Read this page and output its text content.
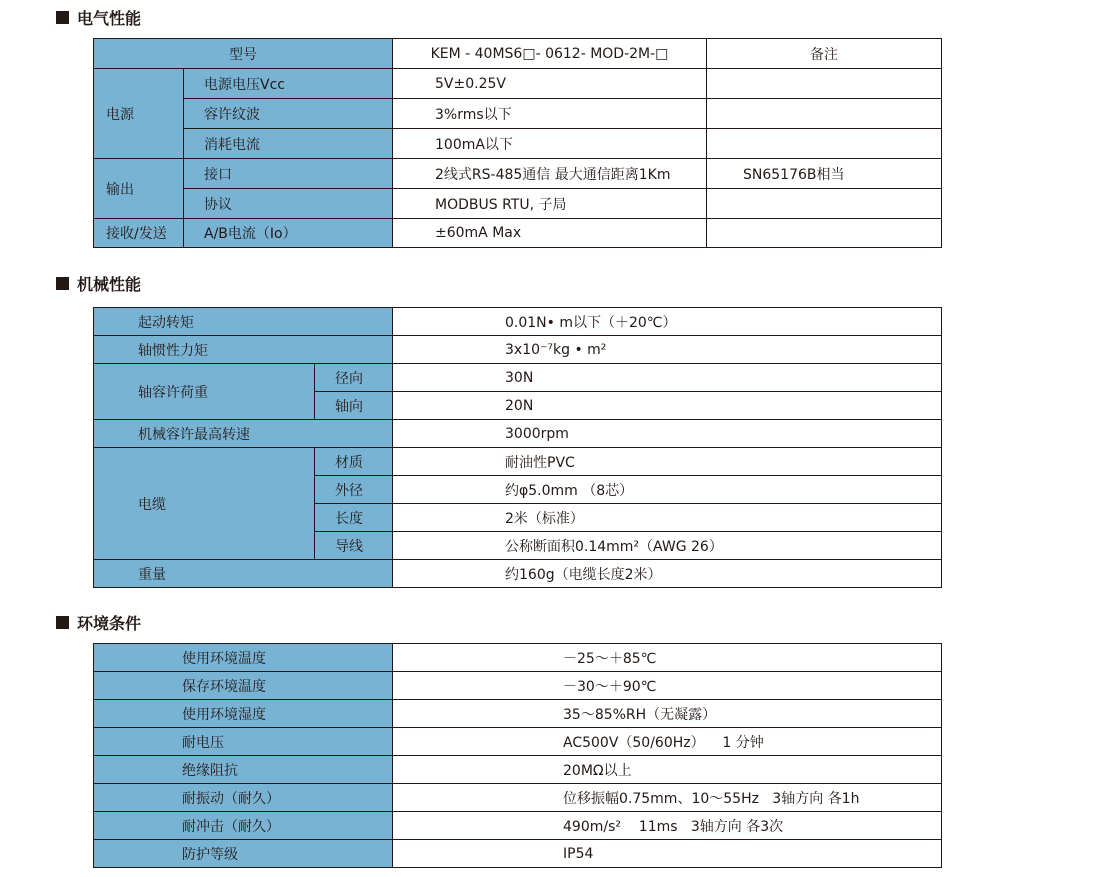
电气性能
型号		KEM - 40MS6□- 0612- MOD-2M-□	备注
电源	电源电压Vcc	5V±0.25V	
	容许纹波	3%rms以下	
	消耗电流	100mA以下	
输出	接口	2线式RS-485通信 最大通信距离1Km	SN65176B相当
	协议	MODBUS RTU, 子局	
接收/发送	A/B电流（Io）	±60mA Max	
机械性能
起动转矩		0.01N• m以下（＋20℃）
轴惯性力矩		3x10⁻⁷kg • m²
轴容许荷重	径向	30N
	轴向	20N
机械容许最高转速		3000rpm
电缆	材质	耐油性PVC
	外径	约φ5.0mm （8芯）
	长度	2米（标准）
	导线	公称断面积0.14mm²（AWG 26）
重量		约160g（电缆长度2米）
环境条件
使用环境温度	－25～＋85℃
保存环境温度	－30～＋90℃
使用环境湿度	35～85%RH（无凝露）
耐电压	AC500V（50/60Hz）    1 分钟
绝缘阻抗	20MΩ以上
耐振动（耐久）	位移振幅0.75mm、10～55Hz   3轴方向 各1h
耐冲击（耐久）	490m/s²    11ms   3轴方向 各3次
防护等级	IP54
